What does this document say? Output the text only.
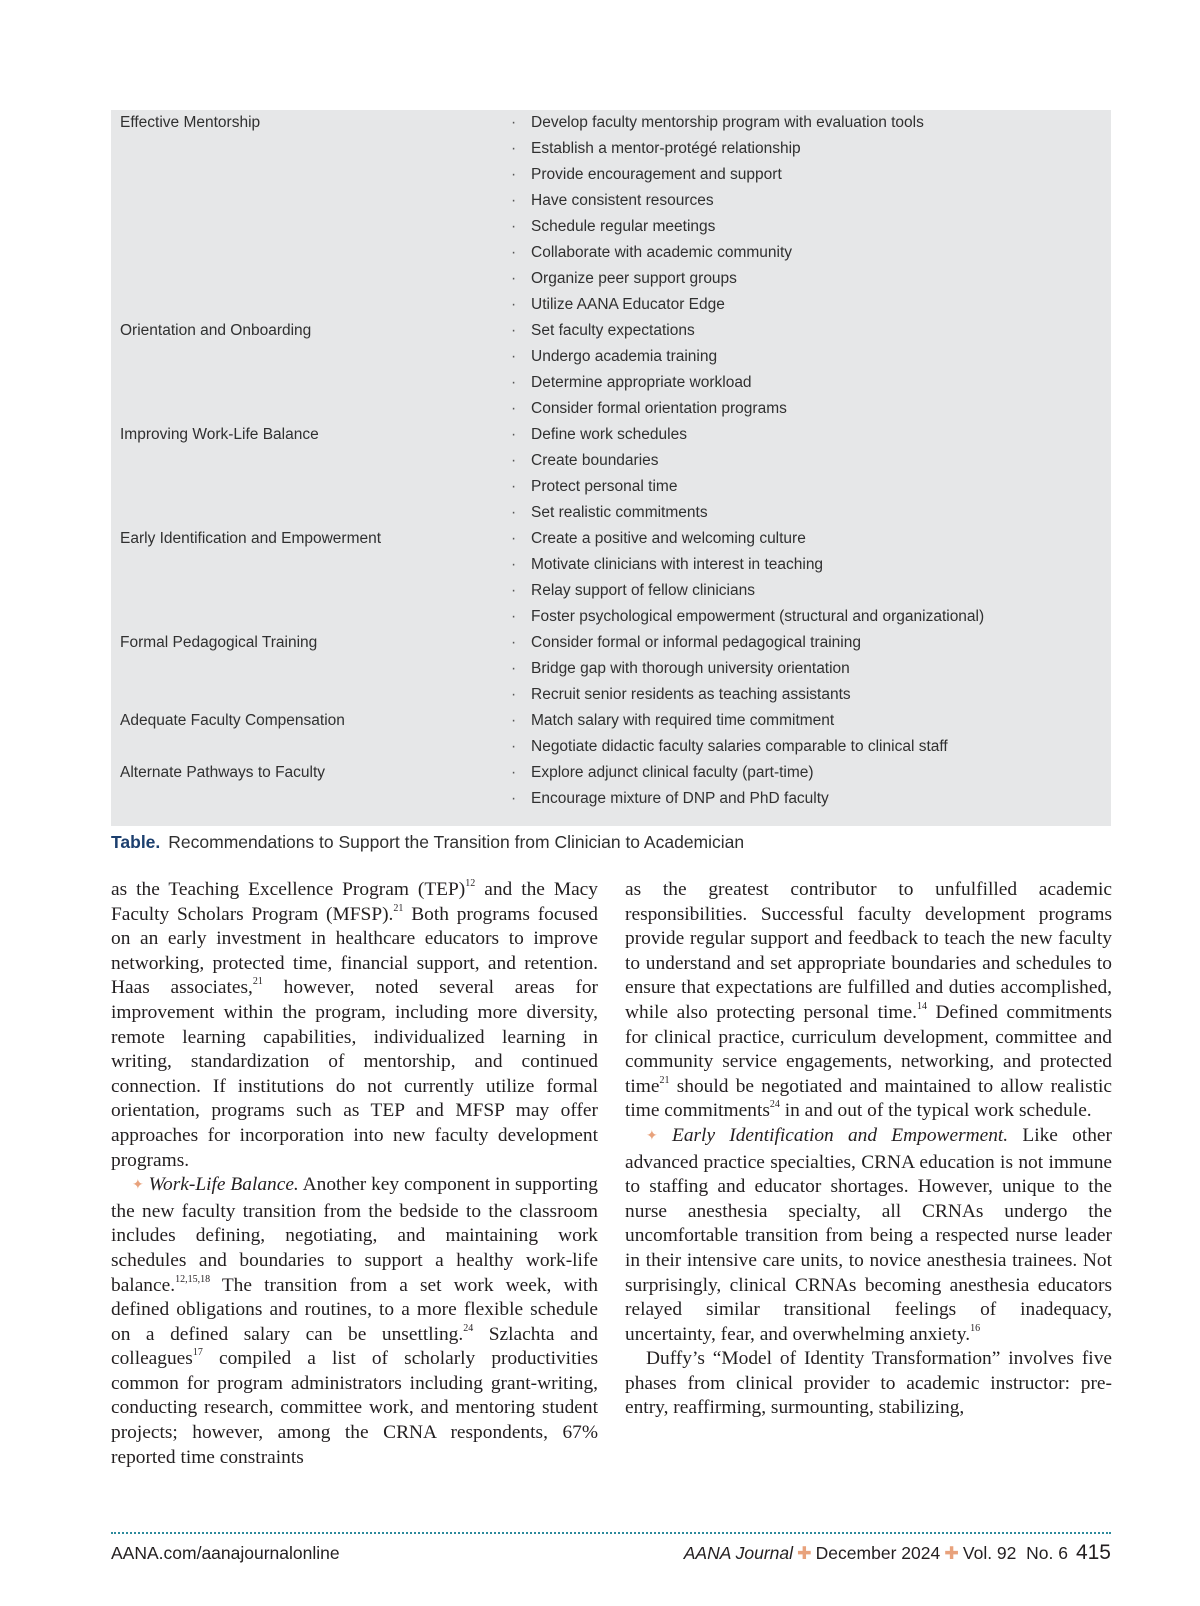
Effective Mentorship	· Develop faculty mentorship program with evaluation tools
· Establish a mentor-protégé relationship
· Provide encouragement and support
· Have consistent resources
· Schedule regular meetings
· Collaborate with academic community
· Organize peer support groups
· Utilize AANA Educator Edge
Orientation and Onboarding	· Set faculty expectations
· Undergo academia training
· Determine appropriate workload
· Consider formal orientation programs
Improving Work-Life Balance	· Define work schedules
· Create boundaries
· Protect personal time
· Set realistic commitments
Early Identification and Empowerment	· Create a positive and welcoming culture
· Motivate clinicians with interest in teaching
· Relay support of fellow clinicians
· Foster psychological empowerment (structural and organizational)
Formal Pedagogical Training	· Consider formal or informal pedagogical training
· Bridge gap with thorough university orientation
· Recruit senior residents as teaching assistants
Adequate Faculty Compensation	· Match salary with required time commitment
· Negotiate didactic faculty salaries comparable to clinical staff
Alternate Pathways to Faculty	· Explore adjunct clinical faculty (part-time)
· Encourage mixture of DNP and PhD faculty
Table. Recommendations to Support the Transition from Clinician to Academician

as the Teaching Excellence Program (TEP)$^{12}$ and the Macy Faculty Scholars Program (MFSP).$^{21}$ Both programs focused on an early investment in healthcare educators to improve networking, protected time, financial support, and retention. Haas associates,$^{21}$ however, noted several areas for improvement within the program, including more diversity, remote learning capabilities, individualized learning in writing, standardization of mentorship, and continued connection. If institutions do not currently utilize formal orientation, programs such as TEP and MFSP may offer approaches for incorporation into new faculty development programs.

✦ Work-Life Balance. Another key component in supporting the new faculty transition from the bedside to the classroom includes defining, negotiating, and maintaining work schedules and boundaries to support a healthy work-life balance.$^{12,15,18}$ The transition from a set work week, with defined obligations and routines, to a more flexible schedule on a defined salary can be unsettling.$^{24}$ Szlachta and colleagues$^{17}$ compiled a list of scholarly productivities common for program administrators including grant-writing, conducting research, committee work, and mentoring student projects; however, among the CRNA respondents, 67% reported time constraints

as the greatest contributor to unfulfilled academic responsibilities. Successful faculty development programs provide regular support and feedback to teach the new faculty to understand and set appropriate boundaries and schedules to ensure that expectations are fulfilled and duties accomplished, while also protecting personal time.$^{14}$ Defined commitments for clinical practice, curriculum development, committee and community service engagements, networking, and protected time$^{21}$ should be negotiated and maintained to allow realistic time commitments$^{24}$ in and out of the typical work schedule.

✦ Early Identification and Empowerment. Like other advanced practice specialties, CRNA education is not immune to staffing and educator shortages. However, unique to the nurse anesthesia specialty, all CRNAs undergo the uncomfortable transition from being a respected nurse leader in their intensive care units, to novice anesthesia trainees. Not surprisingly, clinical CRNAs becoming anesthesia educators relayed similar transitional feelings of inadequacy, uncertainty, fear, and overwhelming anxiety.$^{16}$

Duffy’s “Model of Identity Transformation” involves five phases from clinical provider to academic instructor: pre-entry, reaffirming, surmounting, stabilizing,

AANA.com/aanajournalonline	AANA Journal ✚ December 2024 ✚ Vol. 92  No. 6 415
